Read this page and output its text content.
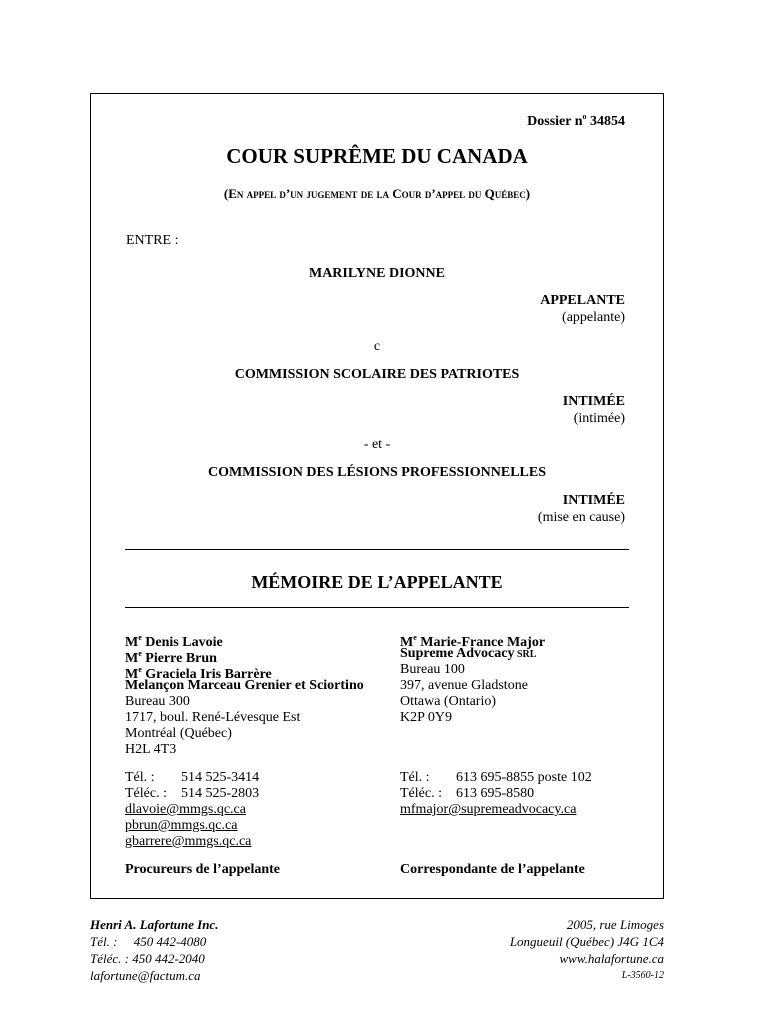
Dossier $n^o$ 34854
COUR SUPRÊME DU CANADA
(En appel d’un jugement de la Cour d’appel du Québec)
ENTRE :
MARILYNE DIONNE
APPELANTE
(appelante)
c
COMMISSION SCOLAIRE DES PATRIOTES
INTIMÉE
(intimée)
- et -
COMMISSION DES LÉSIONS PROFESSIONNELLES
INTIMÉE
(mise en cause)
MÉMOIRE DE L’APPELANTE
Me Denis Lavoie
Me Pierre Brun
Me Graciela Iris Barrère
Melançon Marceau Grenier et Sciortino
Bureau 300
1717, boul. René-Lévesque Est
Montréal (Québec)
H2L 4T3
Tél. : 514 525-3414
Téléc. : 514 525-2803
dlavoie@mmgs.qc.ca
pbrun@mmgs.qc.ca
gbarrere@mmgs.qc.ca
Procureurs de l’appelante
Me Marie-France Major
Supreme Advocacy SRL
Bureau 100
397, avenue Gladstone
Ottawa (Ontario)
K2P 0Y9
Tél. : 613 695-8855 poste 102
Téléc. : 613 695-8580
mfmajor@supremeadvocacy.ca
Correspondante de l’appelante
Henri A. Lafortune Inc.
Tél. :     450 442-4080
Téléc. : 450 442-2040
lafortune@factum.ca
2005, rue Limoges
Longueuil (Québec) J4G 1C4
www.halafortune.ca
L-3560-12
